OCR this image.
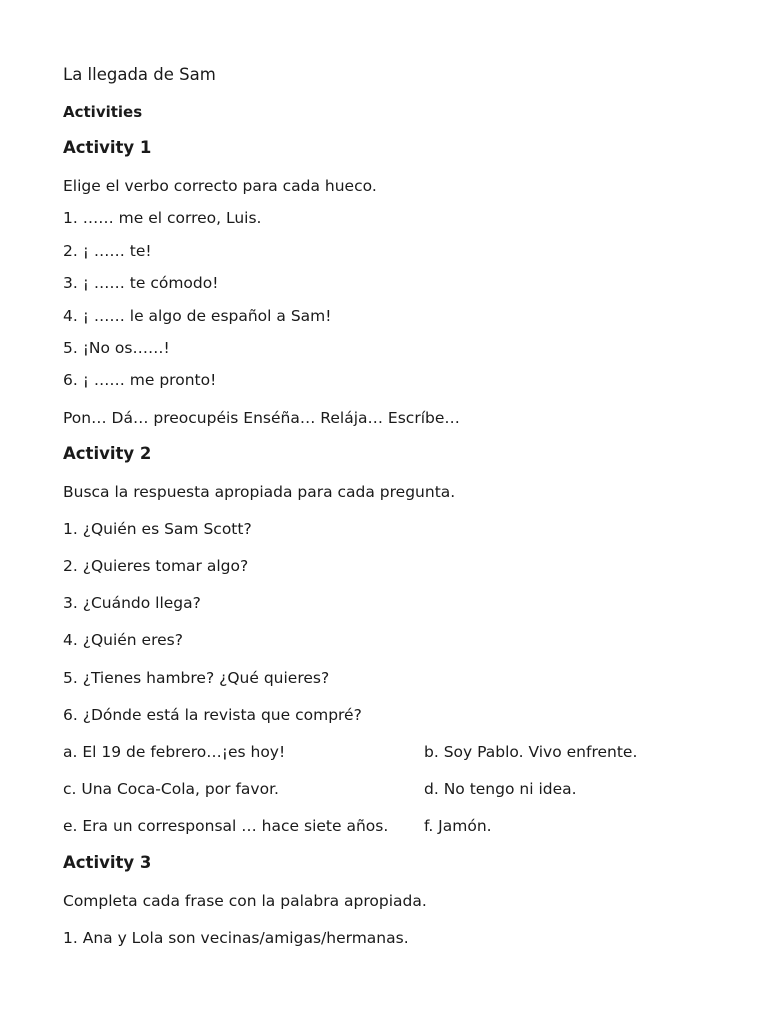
La llegada de Sam
Activities
Activity 1
Elige el verbo correcto para cada hueco.
1. …… me el correo, Luis.
2. ¡ …… te!
3. ¡ …… te cómodo!
4. ¡ …… le algo de español a Sam!
5. ¡No os……!
6. ¡ …… me pronto!
Pon… Dá… preocupéis Enséña… Relája… Escríbe…
Activity 2
Busca la respuesta apropiada para cada pregunta.
1. ¿Quién es Sam Scott?
2. ¿Quieres tomar algo?
3. ¿Cuándo llega?
4. ¿Quién eres?
5. ¿Tienes hambre? ¿Qué quieres?
6. ¿Dónde está la revista que compré?
a. El 19 de febrero…¡es hoy!	b. Soy Pablo. Vivo enfrente.
c. Una Coca-Cola, por favor.	d. No tengo ni idea.
e. Era un corresponsal … hace siete años. f. Jamón.
Activity 3
Completa cada frase con la palabra apropiada.
1. Ana y Lola son vecinas/amigas/hermanas.
